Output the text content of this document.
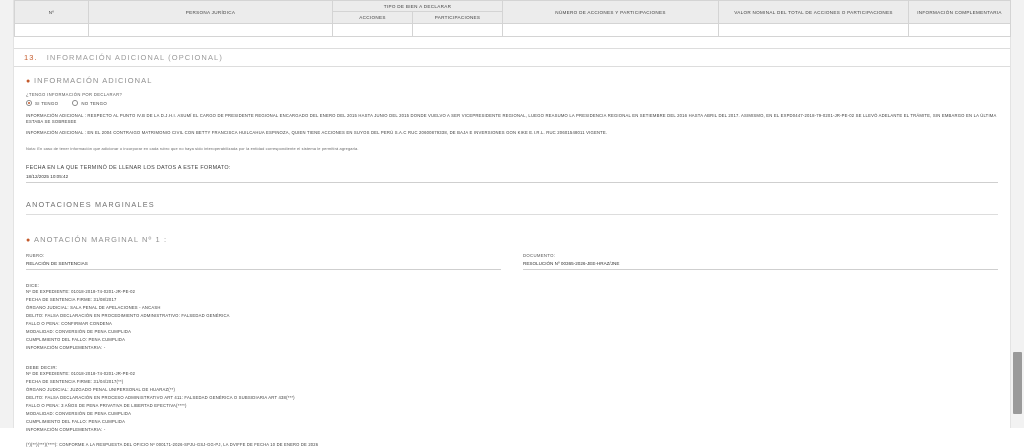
Nº	PERSONA JURÍDICA	TIPO DE BIEN A DECLARAR		NÚMERO DE ACCIONES Y PARTICIPACIONES	VALOR NOMINAL DEL TOTAL DE ACCIONES O PARTICIPACIONES	INFORMACIÓN COMPLEMENTARIA
		ACCIONES	PARTICIPACIONES			

13. INFORMACIÓN ADICIONAL (OPCIONAL)
● INFORMACIÓN ADICIONAL
¿TENGO INFORMACIÓN POR DECLARAR?
SI TENGO	NO TENGO
INFORMACIÓN ADICIONAL : RESPECTO AL PUNTO IV.B DE LA D.J.H.I. ASUMÍ EL CARGO DE PRESIDENTE REGIONAL ENCARGADO DEL ENERO DEL 2015 HASTA JUNIO DEL 2015 DONDE VUELVO A SER VICEPRESIDENTE REGIONAL, LUEGO REASUMO LA PRESIDENCIA REGIONAL EN SETIEMBRE DEL 2016 HASTA ABRIL DEL 2017. ASIMISMO, EN EL EXPD0447-2018-79-0201-JR-PE-02 SE LLEVÓ ADELANTE EL TRÁMITE, SIN EMBARGO EN LA ÚLTIMA ESTABA SE SOBRESEE
INFORMACIÓN ADICIONAL : EN EL 2004 CONTRAIGO MATRIMONIO CIVIL CON BETTY FRANCISCA HUILCAHUA ESPINOZA, QUIEN TIENE ACCIONES EN SUYOS DEL PERÚ S.A.C RUC 20600879338, DE BAJA E INVERSIONES GON KIKE E.I.R.L. RUC 20601548011 VIGENTE.
Nota: En caso de tener información que adicionar o incorporar en cada rubro que no haya sido interoperabilizada por la entidad correspondiente el sistema le permitirá agregarla.
FECHA EN LA QUE TERMINÓ DE LLENAR LOS DATOS A ESTE FORMATO:
18/12/2025 10:05:42
ANOTACIONES MARGINALES
● ANOTACIÓN MARGINAL Nº 1 :
RUBRO:
RELACIÓN DE SENTENCIAS
DOCUMENTO:
RESOLUCIÓN Nº 00365-2026-JEE-HRAZ/JNE
DICE:
Nº DE EXPEDIENTE: 01018-2018-74-0201-JR-PE-02
FECHA DE SENTENCIA FIRME: 31/08/2017
ÓRGANO JUDICIAL: SALA PENAL DE APELACIONES - ANCASH
DELITO: FALSA DECLARACIÓN EN PROCEDIMIENTO ADMINISTRATIVO: FALSEDAD GENÉRICA
FALLO O PENA: CONFIRMAR CONDENA
MODALIDAD: CONVERSIÓN DE PENA CUMPLIDA
CUMPLIMIENTO DEL FALLO: PENA CUMPLIDA
INFORMACIÓN COMPLEMENTARIA: -
DEBE DECIR:
Nº DE EXPEDIENTE: 01018-2018-74-0201-JR-PE-02
FECHA DE SENTENCIA FIRME: 31/04/2017(**)
ÓRGANO JUDICIAL: JUZGADO PENAL UNIPERSONAL DE HUARAZ(**)
DELITO: FALSA DECLARACIÓN EN PROCESO ADMINISTRATIVO ART 411: FALSEDAD GENÉRICA O SUBSIDIARIA ART 438(***)
FALLO O PENA: 3 AÑOS DE PENA PRIVATIVA DE LIBERTAD EFECTIVA(****)
MODALIDAD: CONVERSIÓN DE PENA CUMPLIDA
CUMPLIMIENTO DEL FALLO: PENA CUMPLIDA
INFORMACIÓN COMPLEMENTARIA: -
(*)(**)(***)(****): CONFORME A LA RESPUESTA DEL OFICIO Nº 000171-2026-SPJU-GSJ-GG-PJ, LA DVIFFE DE FECHA 10 DE ENERO DE 2026
